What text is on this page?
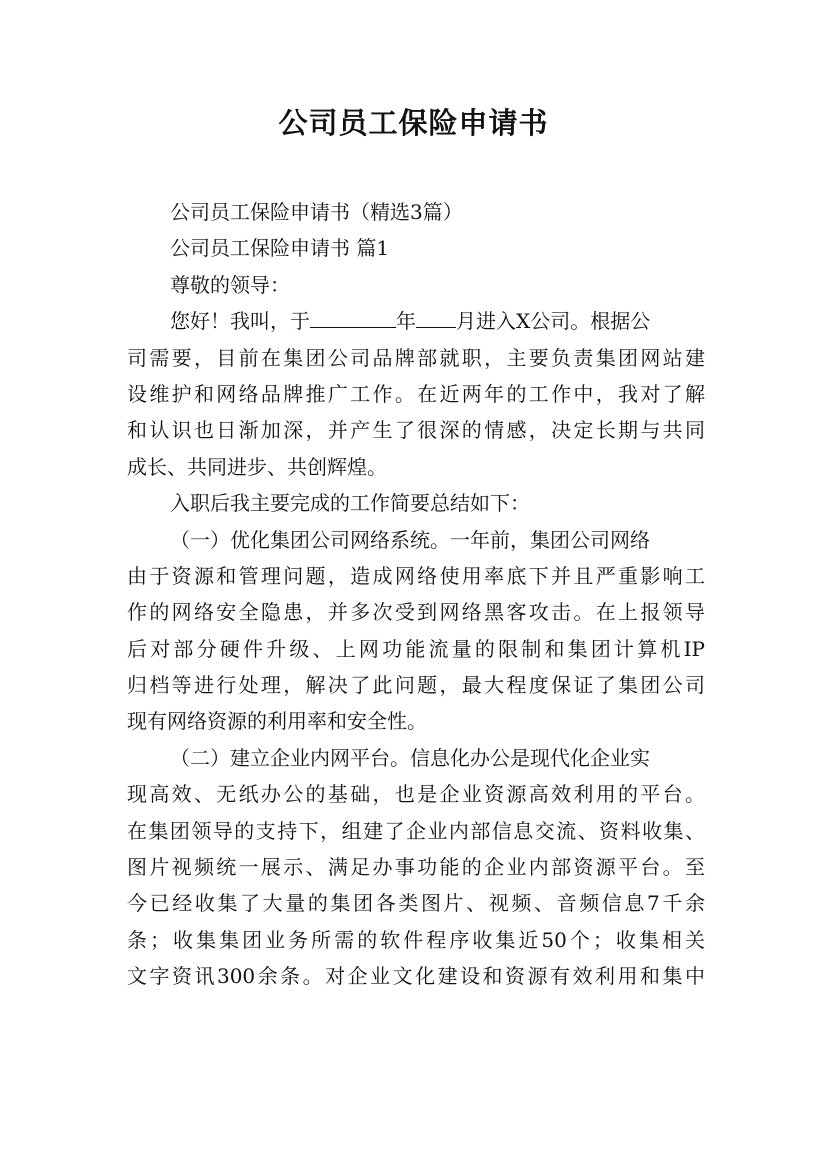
公司员工保险申请书
公司员工保险申请书（精选3篇）
公司员工保险申请书 篇1
尊敬的领导：
您好！我叫，于	年 月进入X公司。根据公
司需要，目前在集团公司品牌部就职，主要负责集团网站建
设维护和网络品牌推广工作。在近两年的工作中，我对了解
和认识也日渐加深，并产生了很深的情感，决定长期与共同
成长、共同进步、共创辉煌。
入职后我主要完成的工作简要总结如下：
（一）优化集团公司网络系统。一年前，集团公司网络
由于资源和管理问题，造成网络使用率底下并且严重影响工
作的网络安全隐患，并多次受到网络黑客攻击。在上报领导
后对部分硬件升级、上网功能流量的限制和集团计算机IP
归档等进行处理，解决了此问题，最大程度保证了集团公司
现有网络资源的利用率和安全性。
（二）建立企业内网平台。信息化办公是现代化企业实
现高效、无纸办公的基础，也是企业资源高效利用的平台。
在集团领导的支持下，组建了企业内部信息交流、资料收集、
图片视频统一展示、满足办事功能的企业内部资源平台。至
今已经收集了大量的集团各类图片、视频、音频信息7千余
条；收集集团业务所需的软件程序收集近50个；收集相关
文字资讯300余条。对企业文化建设和资源有效利用和集中
